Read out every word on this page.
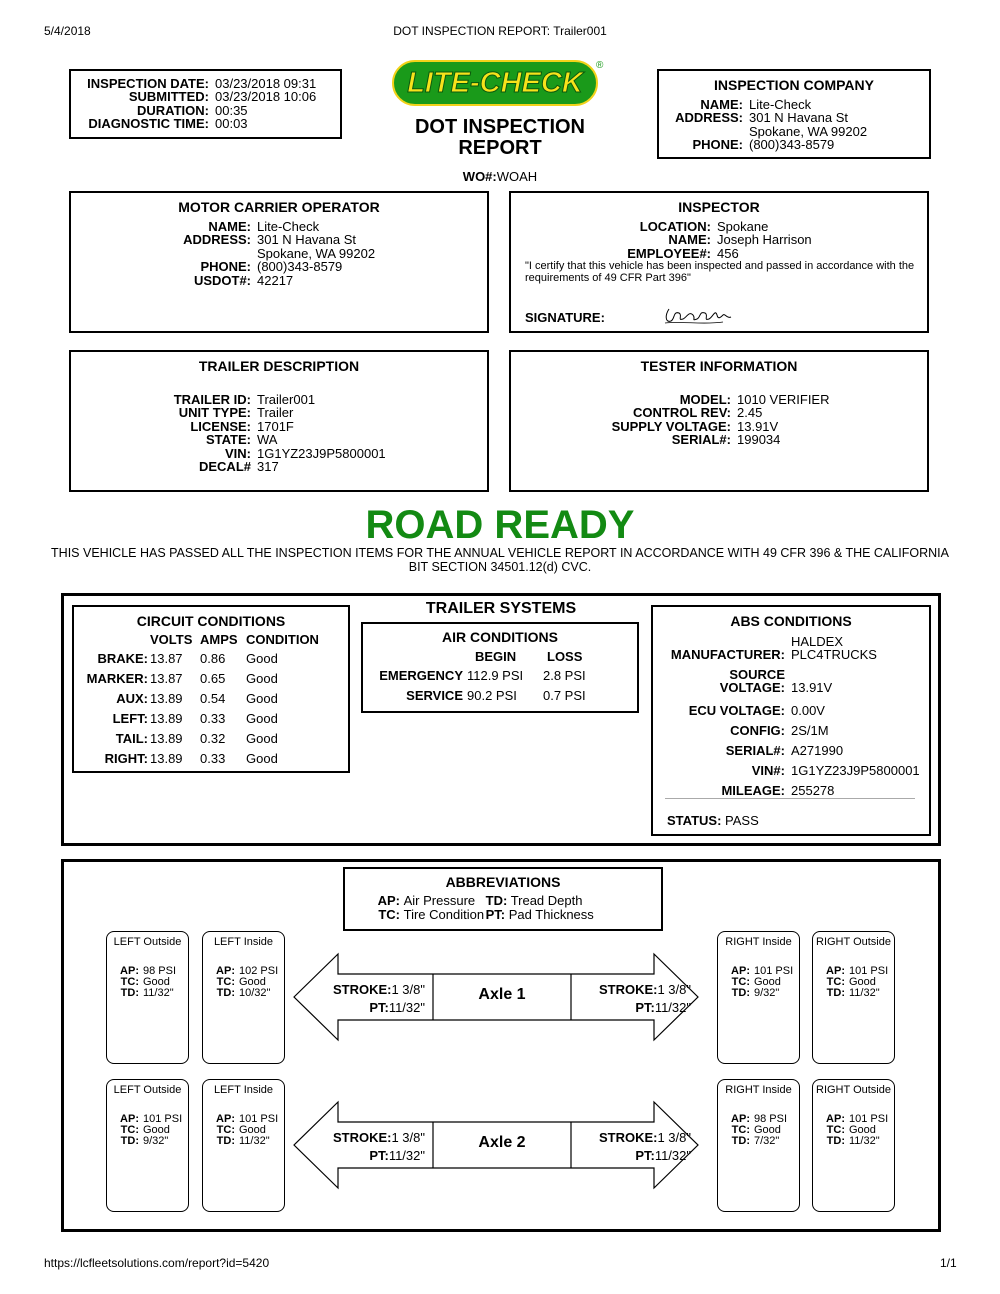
5/4/2018	DOT INSPECTION REPORT: Trailer001
INSPECTION DATE: 03/23/2018 09:31
SUBMITTED: 03/23/2018 10:06
DURATION: 00:35
DIAGNOSTIC TIME: 00:03
LITE-CHECK
®
DOT INSPECTION
REPORT
WO#:WOAH
INSPECTION COMPANY
NAME: Lite-Check
ADDRESS: 301 N Havana St
Spokane, WA 99202
PHONE: (800)343-8579
MOTOR CARRIER OPERATOR
NAME: Lite-Check
ADDRESS: 301 N Havana St
Spokane, WA 99202
PHONE: (800)343-8579
USDOT#: 42217
INSPECTOR
LOCATION: Spokane
NAME: Joseph Harrison
EMPLOYEE#: 456
"I certify that this vehicle has been inspected and passed in accordance with the requirements of 49 CFR Part 396"
SIGNATURE:
TRAILER DESCRIPTION
TRAILER ID: Trailer001
UNIT TYPE: Trailer
LICENSE: 1701F
STATE: WA
VIN: 1G1YZ23J9P5800001
DECAL# 317
TESTER INFORMATION
MODEL: 1010 VERIFIER
CONTROL REV: 2.45
SUPPLY VOLTAGE: 13.91V
SERIAL#: 199034
ROAD READY
THIS VEHICLE HAS PASSED ALL THE INSPECTION ITEMS FOR THE ANNUAL VEHICLE REPORT IN ACCORDANCE WITH 49 CFR 396 & THE CALIFORNIA BIT SECTION 34501.12(d) CVC.
TRAILER SYSTEMS
CIRCUIT CONDITIONS
	VOLTS	AMPS	CONDITION
BRAKE:	13.87	0.86	Good
MARKER:	13.87	0.65	Good
AUX:	13.89	0.54	Good
LEFT:	13.89	0.33	Good
TAIL:	13.89	0.32	Good
RIGHT:	13.89	0.33	Good
AIR CONDITIONS
	BEGIN	LOSS
EMERGENCY	112.9 PSI	2.8 PSI
SERVICE	90.2 PSI	0.7 PSI
ABS CONDITIONS
HALDEX
MANUFACTURER: PLC4TRUCKS
SOURCE
VOLTAGE: 13.91V
ECU VOLTAGE: 0.00V
CONFIG: 2S/1M
SERIAL#: A271990
VIN#: 1G1YZ23J9P5800001
MILEAGE: 255278
STATUS: PASS
ABBREVIATIONS
AP: Air Pressure TD: Tread Depth
TC: Tire Condition PT: Pad Thickness
LEFT Outside
AP: 98 PSI
TC: Good
TD: 11/32"
LEFT Inside
AP: 102 PSI
TC: Good
TD: 10/32"
RIGHT Inside
AP: 101 PSI
TC: Good
TD: 9/32"
RIGHT Outside
AP: 101 PSI
TC: Good
TD: 11/32"
STROKE:1 3/8"
PT:11/32"
Axle 1	STROKE:1 3/8"
PT:11/32"
LEFT Outside
AP: 101 PSI
TC: Good
TD: 9/32"
LEFT Inside
AP: 101 PSI
TC: Good
TD: 11/32"
RIGHT Inside
AP: 98 PSI
TC: Good
TD: 7/32"
RIGHT Outside
AP: 101 PSI
TC: Good
TD: 11/32"
STROKE:1 3/8"
PT:11/32"
Axle 2	STROKE:1 3/8"
PT:11/32"
https://lcfleetsolutions.com/report?id=5420	1/1
